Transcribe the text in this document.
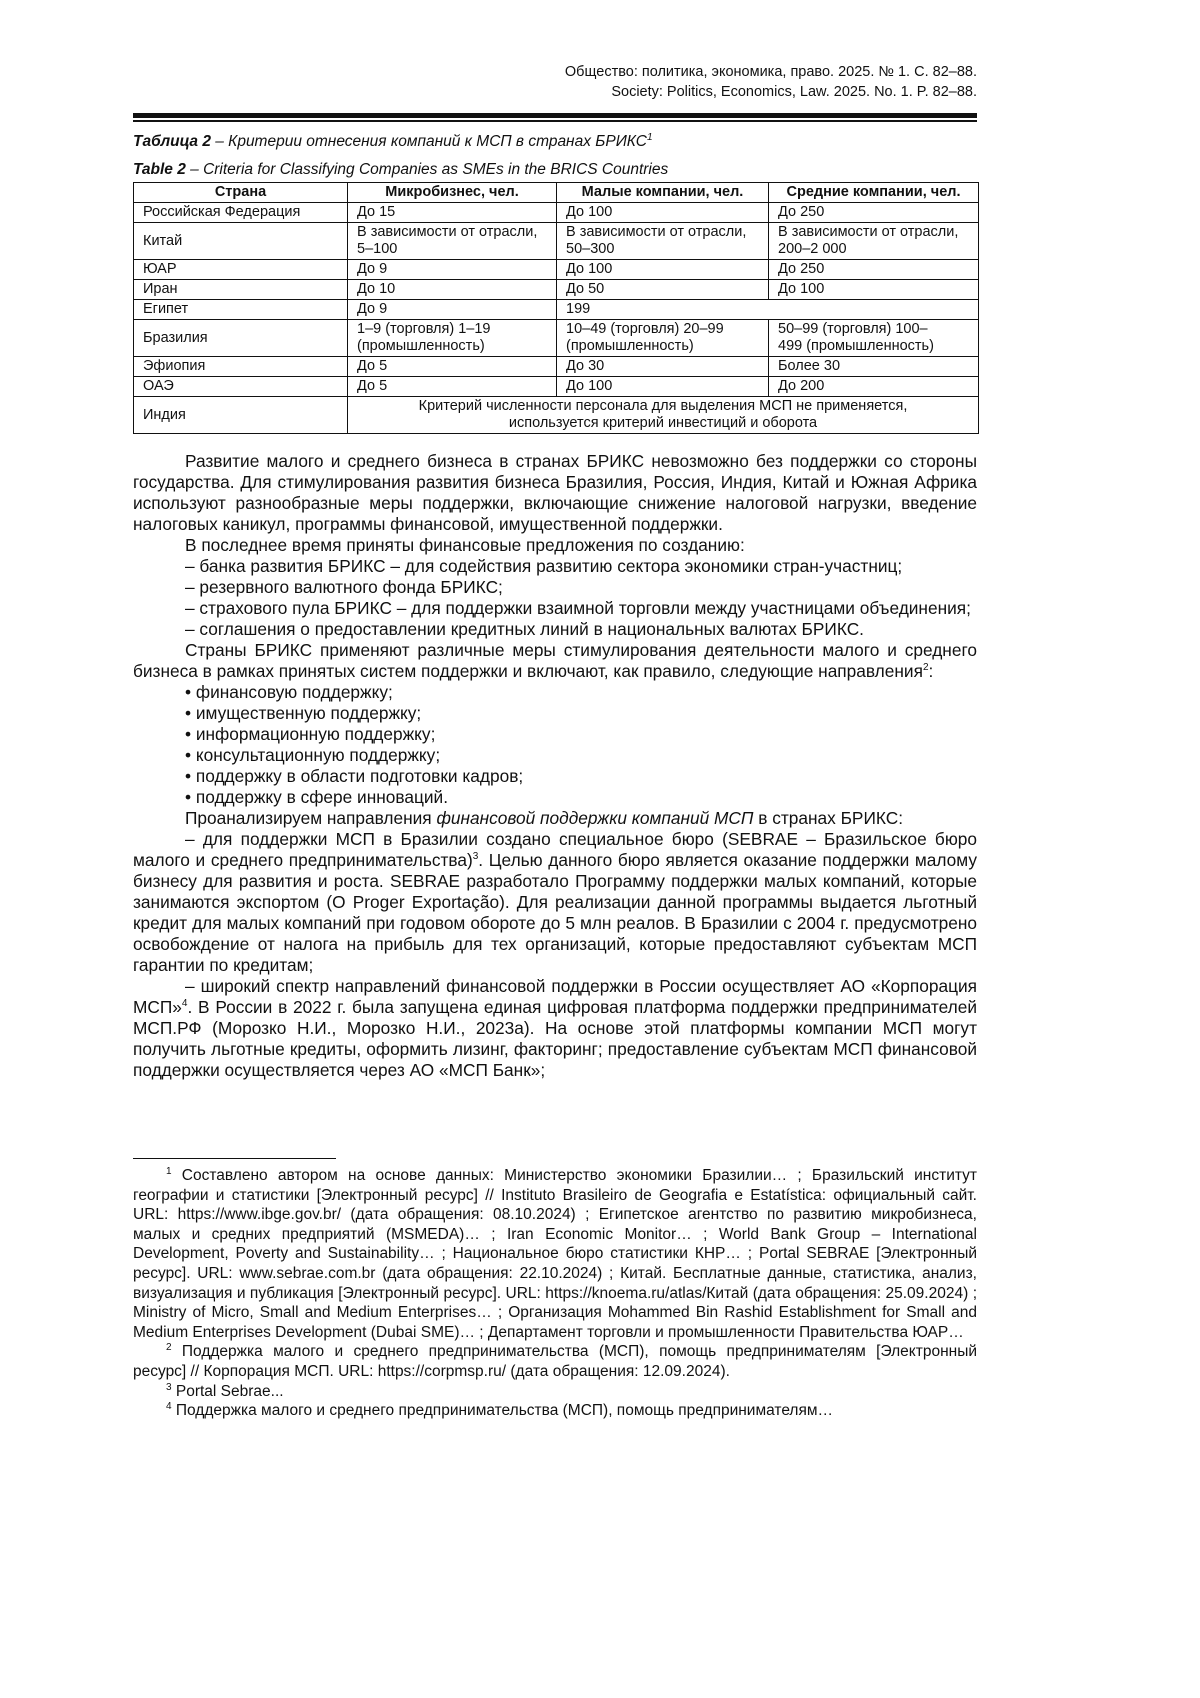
Общество: политика, экономика, право. 2025. № 1. С. 82–88.
Society: Politics, Economics, Law. 2025. No. 1. P. 82–88.
Таблица 2 – Критерии отнесения компаний к МСП в странах БРИКС$^1$
Table 2 – Criteria for Classifying Companies as SMEs in the BRICS Countries
Страна	Микробизнес, чел.	Малые компании, чел.	Средние компании, чел.
Российская Федерация	До 15	До 100	До 250
Китай	В зависимости от отрасли, 5–100	В зависимости от отрасли, 50–300	В зависимости от отрасли, 200–2 000
ЮАР	До 9	До 100	До 250
Иран	До 10	До 50	До 100
Египет	До 9	199	
Бразилия	1–9 (торговля) 1–19 (промышленность)	10–49 (торговля) 20–99 (промышленность)	50–99 (торговля) 100–499 (промышленность)
Эфиопия	До 5	До 30	Более 30
ОАЭ	До 5	До 100	До 200
Индия	Критерий численности персонала для выделения МСП не применяется, используется критерий инвестиций и оборота		

Развитие малого и среднего бизнеса в странах БРИКС невозможно без поддержки со стороны государства. Для стимулирования развития бизнеса Бразилия, Россия, Индия, Китай и Южная Африка используют разнообразные меры поддержки, включающие снижение налоговой нагрузки, введение налоговых каникул, программы финансовой, имущественной поддержки.

В последнее время приняты финансовые предложения по созданию:

– банка развития БРИКС – для содействия развитию сектора экономики стран-участниц;

– резервного валютного фонда БРИКС;

– страхового пула БРИКС – для поддержки взаимной торговли между участницами объединения;

– соглашения о предоставлении кредитных линий в национальных валютах БРИКС.

Страны БРИКС применяют различные меры стимулирования деятельности малого и среднего бизнеса в рамках принятых систем поддержки и включают, как правило, следующие направления$^2$:

• финансовую поддержку;

• имущественную поддержку;

• информационную поддержку;

• консультационную поддержку;

• поддержку в области подготовки кадров;

• поддержку в сфере инноваций.

Проанализируем направления финансовой поддержки компаний МСП в странах БРИКС:

– для поддержки МСП в Бразилии создано специальное бюро (SEBRAE – Бразильское бюро малого и среднего предпринимательства)$^3$. Целью данного бюро является оказание поддержки малому бизнесу для развития и роста. SEBRAE разработало Программу поддержки малых компаний, которые занимаются экспортом (O Proger Exportação). Для реализации данной программы выдается льготный кредит для малых компаний при годовом обороте до 5 млн реалов. В Бразилии с 2004 г. предусмотрено освобождение от налога на прибыль для тех организаций, которые предоставляют субъектам МСП гарантии по кредитам;

– широкий спектр направлений финансовой поддержки в России осуществляет АО «Корпорация МСП»$^4$. В России в 2022 г. была запущена единая цифровая платформа поддержки предпринимателей МСП.РФ (Морозко Н.И., Морозко Н.И., 2023а). На основе этой платформы компании МСП могут получить льготные кредиты, оформить лизинг, факторинг; предоставление субъектам МСП финансовой поддержки осуществляется через АО «МСП Банк»;

$^1$ Составлено автором на основе данных: Министерство экономики Бразилии… ; Бразильский институт географии и статистики [Электронный ресурс] // Instituto Brasileiro de Geografia e Estatística: официальный сайт. URL: https://www.ibge.gov.br/ (дата обращения: 08.10.2024) ; Египетское агентство по развитию микробизнеса, малых и средних предприятий (MSMEDA)… ; Iran Economic Monitor… ; World Bank Group – International Development, Poverty and Sustainability… ; Национальное бюро статистики КНР… ; Portal SEBRAE [Электронный ресурс]. URL: www.sebrae.com.br (дата обращения: 22.10.2024) ; Китай. Бесплатные данные, статистика, анализ, визуализация и публикация [Электронный ресурс]. URL: https://knoema.ru/atlas/Китай (дата обращения: 25.09.2024) ; Ministry of Micro, Small and Medium Enterprises… ; Организация Mohammed Bin Rashid Establishment for Small and Medium Enterprises Development (Dubai SME)… ; Департамент торговли и промышленности Правительства ЮАР…

$^2$ Поддержка малого и среднего предпринимательства (МСП), помощь предпринимателям [Электронный ресурс] // Корпорация МСП. URL: https://corpmsp.ru/ (дата обращения: 12.09.2024).

$^3$ Portal Sebrae...

$^4$ Поддержка малого и среднего предпринимательства (МСП), помощь предпринимателям…
